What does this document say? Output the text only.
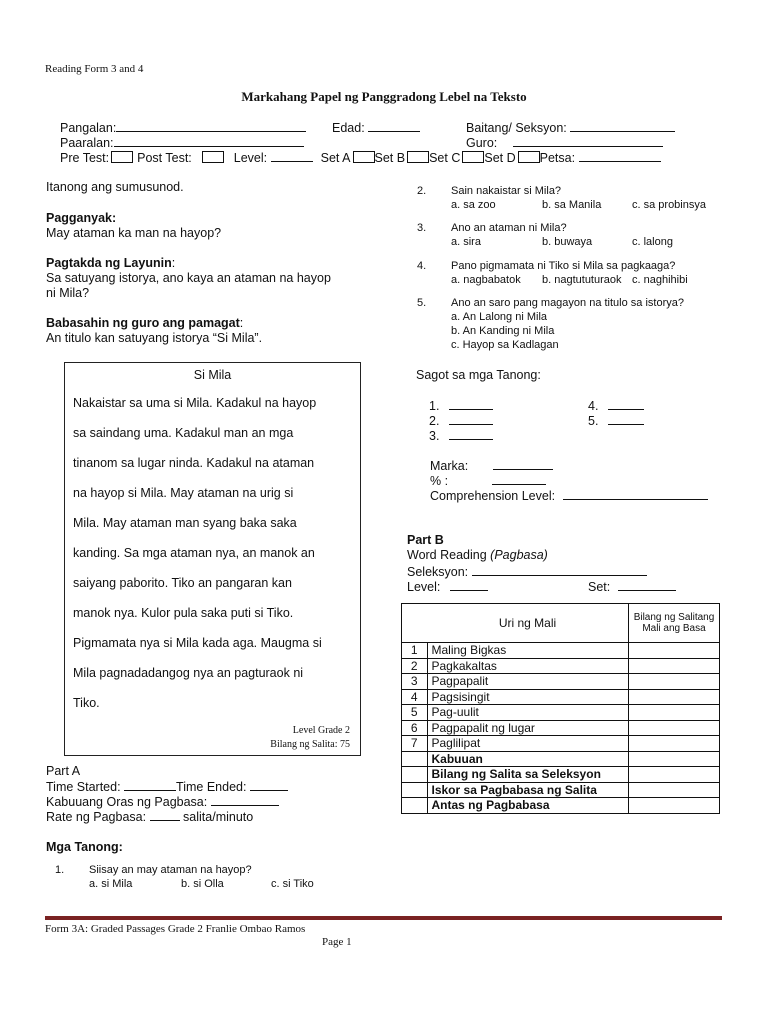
Reading Form 3 and 4
Markahang Papel ng Panggradong Lebel na Teksto
Pangalan:	Edad:	Baitang/ Seksyon:
Paaralan:	Guro:
Pre Test: Post Test:	Level:	Set A Set B Set C Set D Petsa:
Itanong ang sumusunod.
Pagganyak:
May ataman ka man na hayop?
Pagtakda ng Layunin:
Sa satuyang istorya, ano kaya an ataman na hayop
ni Mila?
Babasahin ng guro ang pamagat:
An titulo kan satuyang istorya “Si Mila”.
Si Mila
Nakaistar sa uma si Mila. Kadakul na hayop
sa saindang uma. Kadakul man an mga
tinanom sa lugar ninda. Kadakul na ataman
na hayop si Mila. May ataman na urig si
Mila. May ataman man syang baka saka
kanding. Sa mga ataman nya, an manok an
saiyang paborito. Tiko an pangaran kan
manok nya. Kulor pula saka puti si Tiko.
Pigmamata nya si Mila kada aga. Maugma si
Mila pagnadadangog nya an pagturaok ni
Tiko.
Level Grade 2
Bilang ng Salita: 75
Part A
Time Started:	Time Ended:
Kabuuang Oras ng Pagbasa:
Rate ng Pagbasa:	salita/minuto
Mga Tanong:
1. Siisay an may ataman na hayop?
a. si Mila	b. si Olla	c. si Tiko
2. Sain nakaistar si Mila?
a. sa zoo	b. sa Manila	c. sa probinsya
3. Ano an ataman ni Mila?
a. sira	b. buwaya	c. lalong
4. Pano pigmamata ni Tiko si Mila sa pagkaaga?
a. nagbabatok b. nagtututuraok c. naghihibi
5. Ano an saro pang magayon na titulo sa istorya?
a. An Lalong ni Mila
b. An Kanding ni Mila
c. Hayop sa Kadlagan
Sagot sa mga Tanong:
1.
2.
3.
4.
5.
Marka:
% :
Comprehension Level:
Part B
Word Reading (Pagbasa)
Seleksyon:
Level:	Set:
	Uri ng Mali	Bilang ng Salitang Mali ang Basa
1	Maling Bigkas	
2	Pagkakaltas	
3	Pagpapalit	
4	Pagsisingit	
5	Pag-uulit	
6	Pagpapalit ng lugar	
7	Paglilipat	
	Kabuuan	
	Bilang ng Salita sa Seleksyon	
	Iskor sa Pagbabasa ng Salita	
	Antas ng Pagbabasa	
Form 3A: Graded Passages Grade 2 Franlie Ombao Ramos
Page 1
